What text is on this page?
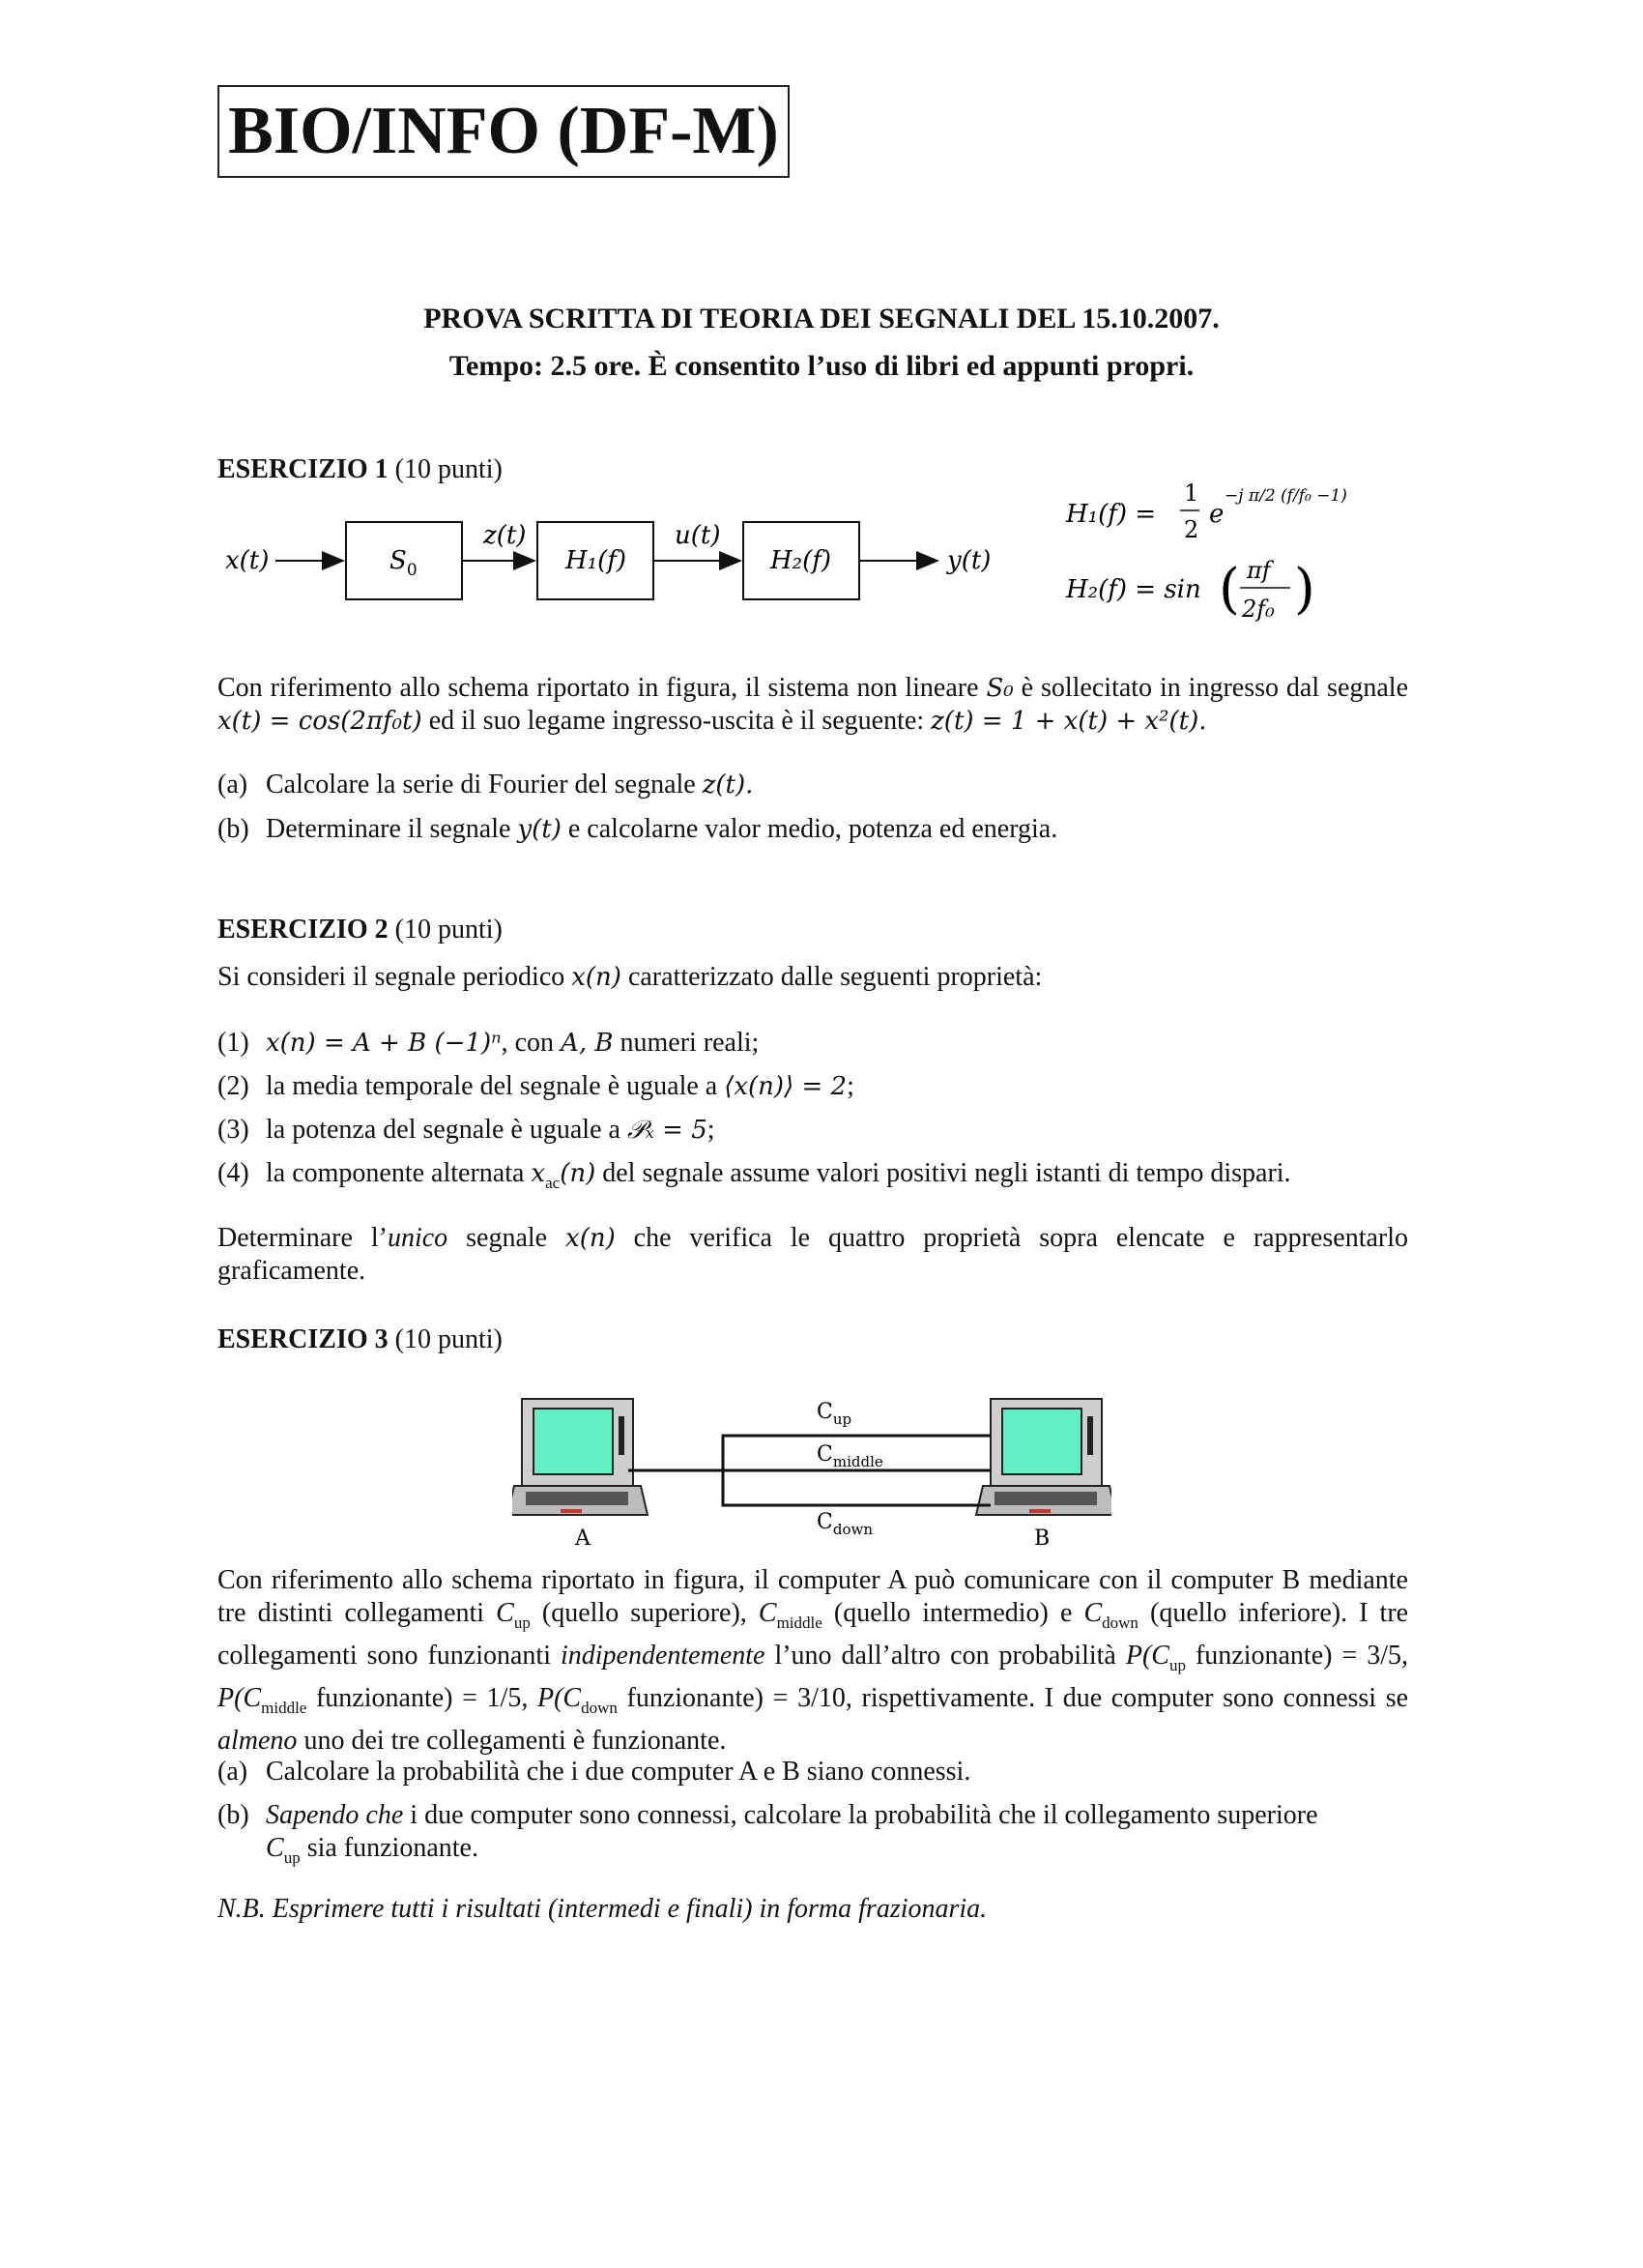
BIO/INFO (DF-M)
PROVA SCRITTA DI TEORIA DEI SEGNALI DEL 15.10.2007.
Tempo: 2.5 ore. È consentito l’uso di libri ed appunti propri.
ESERCIZIO 1 (10 punti)
x(t)	$S_0$
z(t)
H₁(f)
u(t)
H₂(f)	y(t)
H₁(f) =
1
2
e
−j π/2 (f/f₀ −1)
H₂(f) = sin ( πf
2f₀ )
Con riferimento allo schema riportato in figura, il sistema non lineare S₀ è sollecitato in ingresso dal segnale x(t) = cos(2πf₀t) ed il suo legame ingresso-uscita è il seguente: z(t) = 1 + x(t) + x²(t).
(a) Calcolare la serie di Fourier del segnale z(t).
(b) Determinare il segnale y(t) e calcolarne valor medio, potenza ed energia.
ESERCIZIO 2 (10 punti)
Si consideri il segnale periodico x(n) caratterizzato dalle seguenti proprietà:
(1) x(n) = A + B (−1)ⁿ, con A, B numeri reali;
(2) la media temporale del segnale è uguale a ⟨x(n)⟩ = 2;
(3) la potenza del segnale è uguale a 𝒫ₓ = 5;
(4) la componente alternata $x_{ac}(n)$ del segnale assume valori positivi negli istanti di tempo dispari.
Determinare l’unico segnale x(n) che verifica le quattro proprietà sopra elencate e rappresentarlo graficamente.
ESERCIZIO 3 (10 punti)
A	B
$C_{up}$
$C_{middle}$
$C_{down}$
Con riferimento allo schema riportato in figura, il computer A può comunicare con il computer B mediante tre distinti collegamenti $C_{up}$ (quello superiore), $C_{middle}$ (quello intermedio) e $C_{down}$ (quello inferiore). I tre collegamenti sono funzionanti indipendentemente l’uno dall’altro con probabilità $P(C_{up}$ funzionante) = 3/5, $P(C_{middle}$ funzionante) = 1/5, $P(C_{down}$ funzionante) = 3/10, rispettivamente. I due computer sono connessi se almeno uno dei tre collegamenti è funzionante.
(a) Calcolare la probabilità che i due computer A e B siano connessi.
(b) Sapendo che i due computer sono connessi, calcolare la probabilità che il collegamento superiore
$C_{up}$ sia funzionante.
N.B. Esprimere tutti i risultati (intermedi e finali) in forma frazionaria.
